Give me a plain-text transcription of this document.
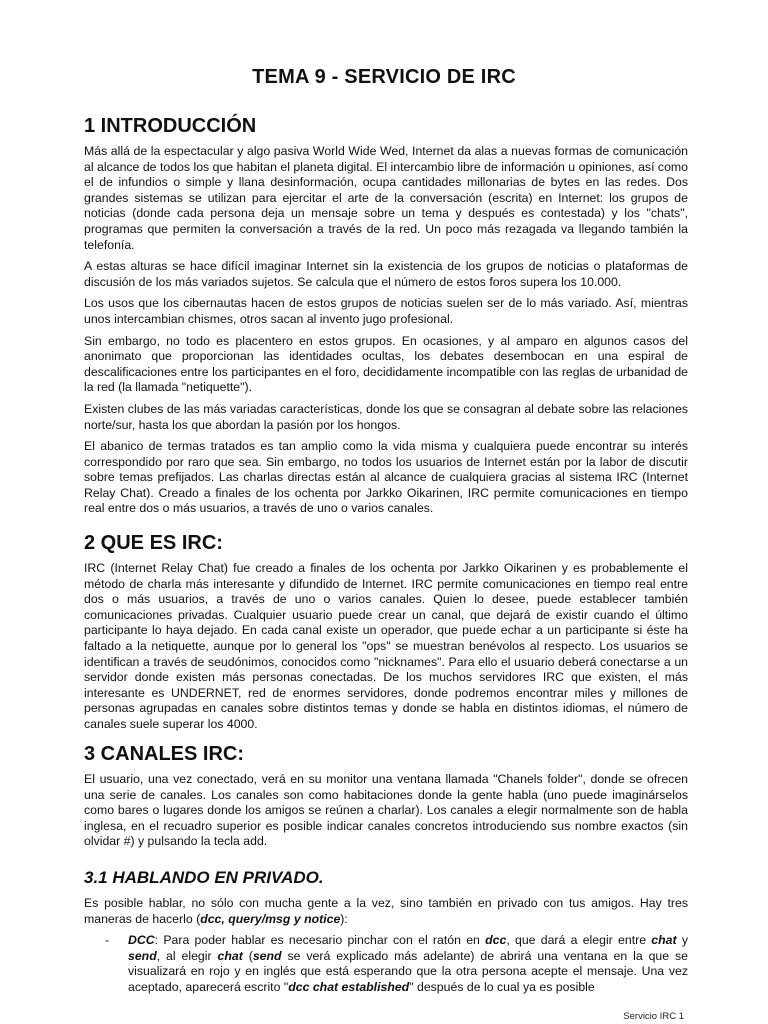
TEMA 9 - SERVICIO DE IRC
1 INTRODUCCIÓN

Más allá de la espectacular y algo pasiva World Wide Wed, Internet da alas a nuevas formas de comunicación al alcance de todos los que habitan el planeta digital. El intercambio libre de información u opiniones, así como el de infundios o simple y llana desinformación, ocupa cantidades millonarias de bytes en las redes. Dos grandes sistemas se utilizan para ejercitar el arte de la conversación (escrita) en Internet: los grupos de noticias (donde cada persona deja un mensaje sobre un tema y después es contestada) y los "chats", programas que permiten la conversación a través de la red. Un poco más rezagada va llegando también la telefonía.

A estas alturas se hace difícil imaginar Internet sin la existencia de los grupos de noticias o plataformas de discusión de los más variados sujetos. Se calcula que el número de estos foros supera los 10.000.

Los usos que los cibernautas hacen de estos grupos de noticias suelen ser de lo más variado. Así, mientras unos intercambian chismes, otros sacan al invento jugo profesional.

Sin embargo, no todo es placentero en estos grupos. En ocasiones, y al amparo en algunos casos del anonimato que proporcionan las identidades ocultas, los debates desembocan en una espiral de descalificaciones entre los participantes en el foro, decididamente incompatible con las reglas de urbanidad de la red (la llamada "netiquette").

Existen clubes de las más variadas características, donde los que se consagran al debate sobre las relaciones norte/sur, hasta los que abordan la pasión por los hongos.

El abanico de termas tratados es tan amplio como la vida misma y cualquiera puede encontrar su interés correspondido por raro que sea. Sin embargo, no todos los usuarios de Internet están por la labor de discutir sobre temas prefijados. Las charlas directas están al alcance de cualquiera gracias al sistema IRC (Internet Relay Chat). Creado a finales de los ochenta por Jarkko Oikarinen, IRC permite comunicaciones en tiempo real entre dos o más usuarios, a través de uno o varios canales.

2 QUE ES IRC:

IRC (Internet Relay Chat) fue creado a finales de los ochenta por Jarkko Oikarinen y es probablemente el método de charla más interesante y difundido de Internet. IRC permite comunicaciones en tiempo real entre dos o más usuarios, a través de uno o varios canales. Quien lo desee, puede establecer también comunicaciones privadas. Cualquier usuario puede crear un canal, que dejará de existir cuando el último participante lo haya dejado. En cada canal existe un operador, que puede echar a un participante si éste ha faltado a la netiquette, aunque por lo general los "ops" se muestran benévolos al respecto. Los usuarios se identifican a través de seudónimos, conocidos como "nicknames". Para ello el usuario deberá conectarse a un servidor donde existen más personas conectadas. De los muchos servidores IRC que existen, el más interesante es UNDERNET, red de enormes servidores, donde podremos encontrar miles y millones de personas agrupadas en canales sobre distintos temas y donde se habla en distintos idiomas, el número de canales suele superar los 4000.

3 CANALES IRC:

El usuario, una vez conectado, verá en su monitor una ventana llamada "Chanels folder", donde se ofrecen una serie de canales. Los canales son como habitaciones donde la gente habla (uno puede imaginárselos como bares o lugares donde los amigos se reúnen a charlar). Los canales a elegir normalmente son de habla inglesa, en el recuadro superior es posible indicar canales concretos introduciendo sus nombre exactos (sin olvidar #) y pulsando la tecla add.

3.1 HABLANDO EN PRIVADO.

Es posible hablar, no sólo con mucha gente a la vez, sino también en privado con tus amigos. Hay tres maneras de hacerlo (dcc, query/msg y notice):

- DCC: Para poder hablar es necesario pinchar con el ratón en dcc, que dará a elegir entre chat y send, al elegir chat (send se verá explicado más adelante) de abrirá una ventana en la que se visualizará en rojo y en inglés que está esperando que la otra persona acepte el mensaje. Una vez aceptado, aparecerá escrito "dcc chat established" después de lo cual ya es posible
Servicio IRC 1
